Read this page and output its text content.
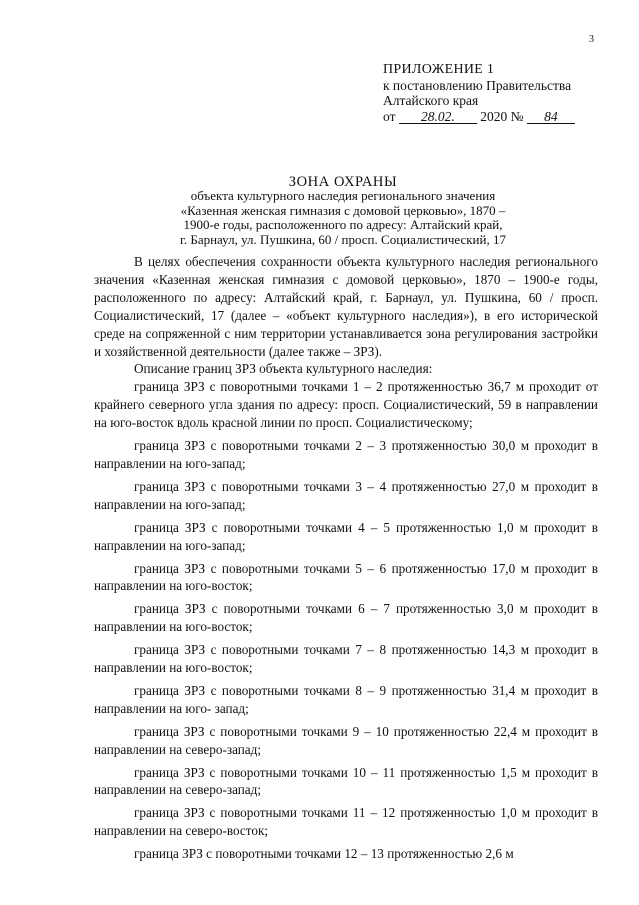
3
ПРИЛОЖЕНИЕ 1
к постановлению Правительства
Алтайского края
от 28.02. 2020 № 84
ЗОНА ОХРАНЫ
объекта культурного наследия регионального значения
«Казенная женская гимназия с домовой церковью», 1870 –
1900-е годы, расположенного по адресу: Алтайский край,
г. Барнаул, ул. Пушкина, 60 / просп. Социалистический, 17

В целях обеспечения сохранности объекта культурного наследия регионального значения «Казенная женская гимназия с домовой церковью», 1870 – 1900-е годы, расположенного по адресу: Алтайский край, г. Барнаул, ул. Пушкина, 60 / просп. Социалистический, 17 (далее – «объект культурного наследия»), в его исторической среде на сопряженной с ним территории устанавливается зона регулирования застройки и хозяйственной деятельности (далее также – ЗРЗ).

Описание границ ЗРЗ объекта культурного наследия:

граница ЗРЗ с поворотными точками 1 – 2 протяженностью 36,7 м проходит от крайнего северного угла здания по адресу: просп. Социалистический, 59 в направлении на юго-восток вдоль красной линии по просп. Социалистическому;

граница ЗРЗ с поворотными точками 2 – 3 протяженностью 30,0 м проходит в направлении на юго-запад;

граница ЗРЗ с поворотными точками 3 – 4 протяженностью 27,0 м проходит в направлении на юго-запад;

граница ЗРЗ с поворотными точками 4 – 5 протяженностью 1,0 м проходит в направлении на юго-запад;

граница ЗРЗ с поворотными точками 5 – 6 протяженностью 17,0 м проходит в направлении на юго-восток;

граница ЗРЗ с поворотными точками 6 – 7 протяженностью 3,0 м проходит в направлении на юго-восток;

граница ЗРЗ с поворотными точками 7 – 8 протяженностью 14,3 м проходит в направлении на юго-восток;

граница ЗРЗ с поворотными точками 8 – 9 протяженностью 31,4 м проходит в направлении на юго- запад;

граница ЗРЗ с поворотными точками 9 – 10 протяженностью 22,4 м проходит в направлении на северо-запад;

граница ЗРЗ с поворотными точками 10 – 11 протяженностью 1,5 м проходит в направлении на северо-запад;

граница ЗРЗ с поворотными точками 11 – 12 протяженностью 1,0 м проходит в направлении на северо-восток;

граница ЗРЗ с поворотными точками 12 – 13 протяженностью 2,6 м
